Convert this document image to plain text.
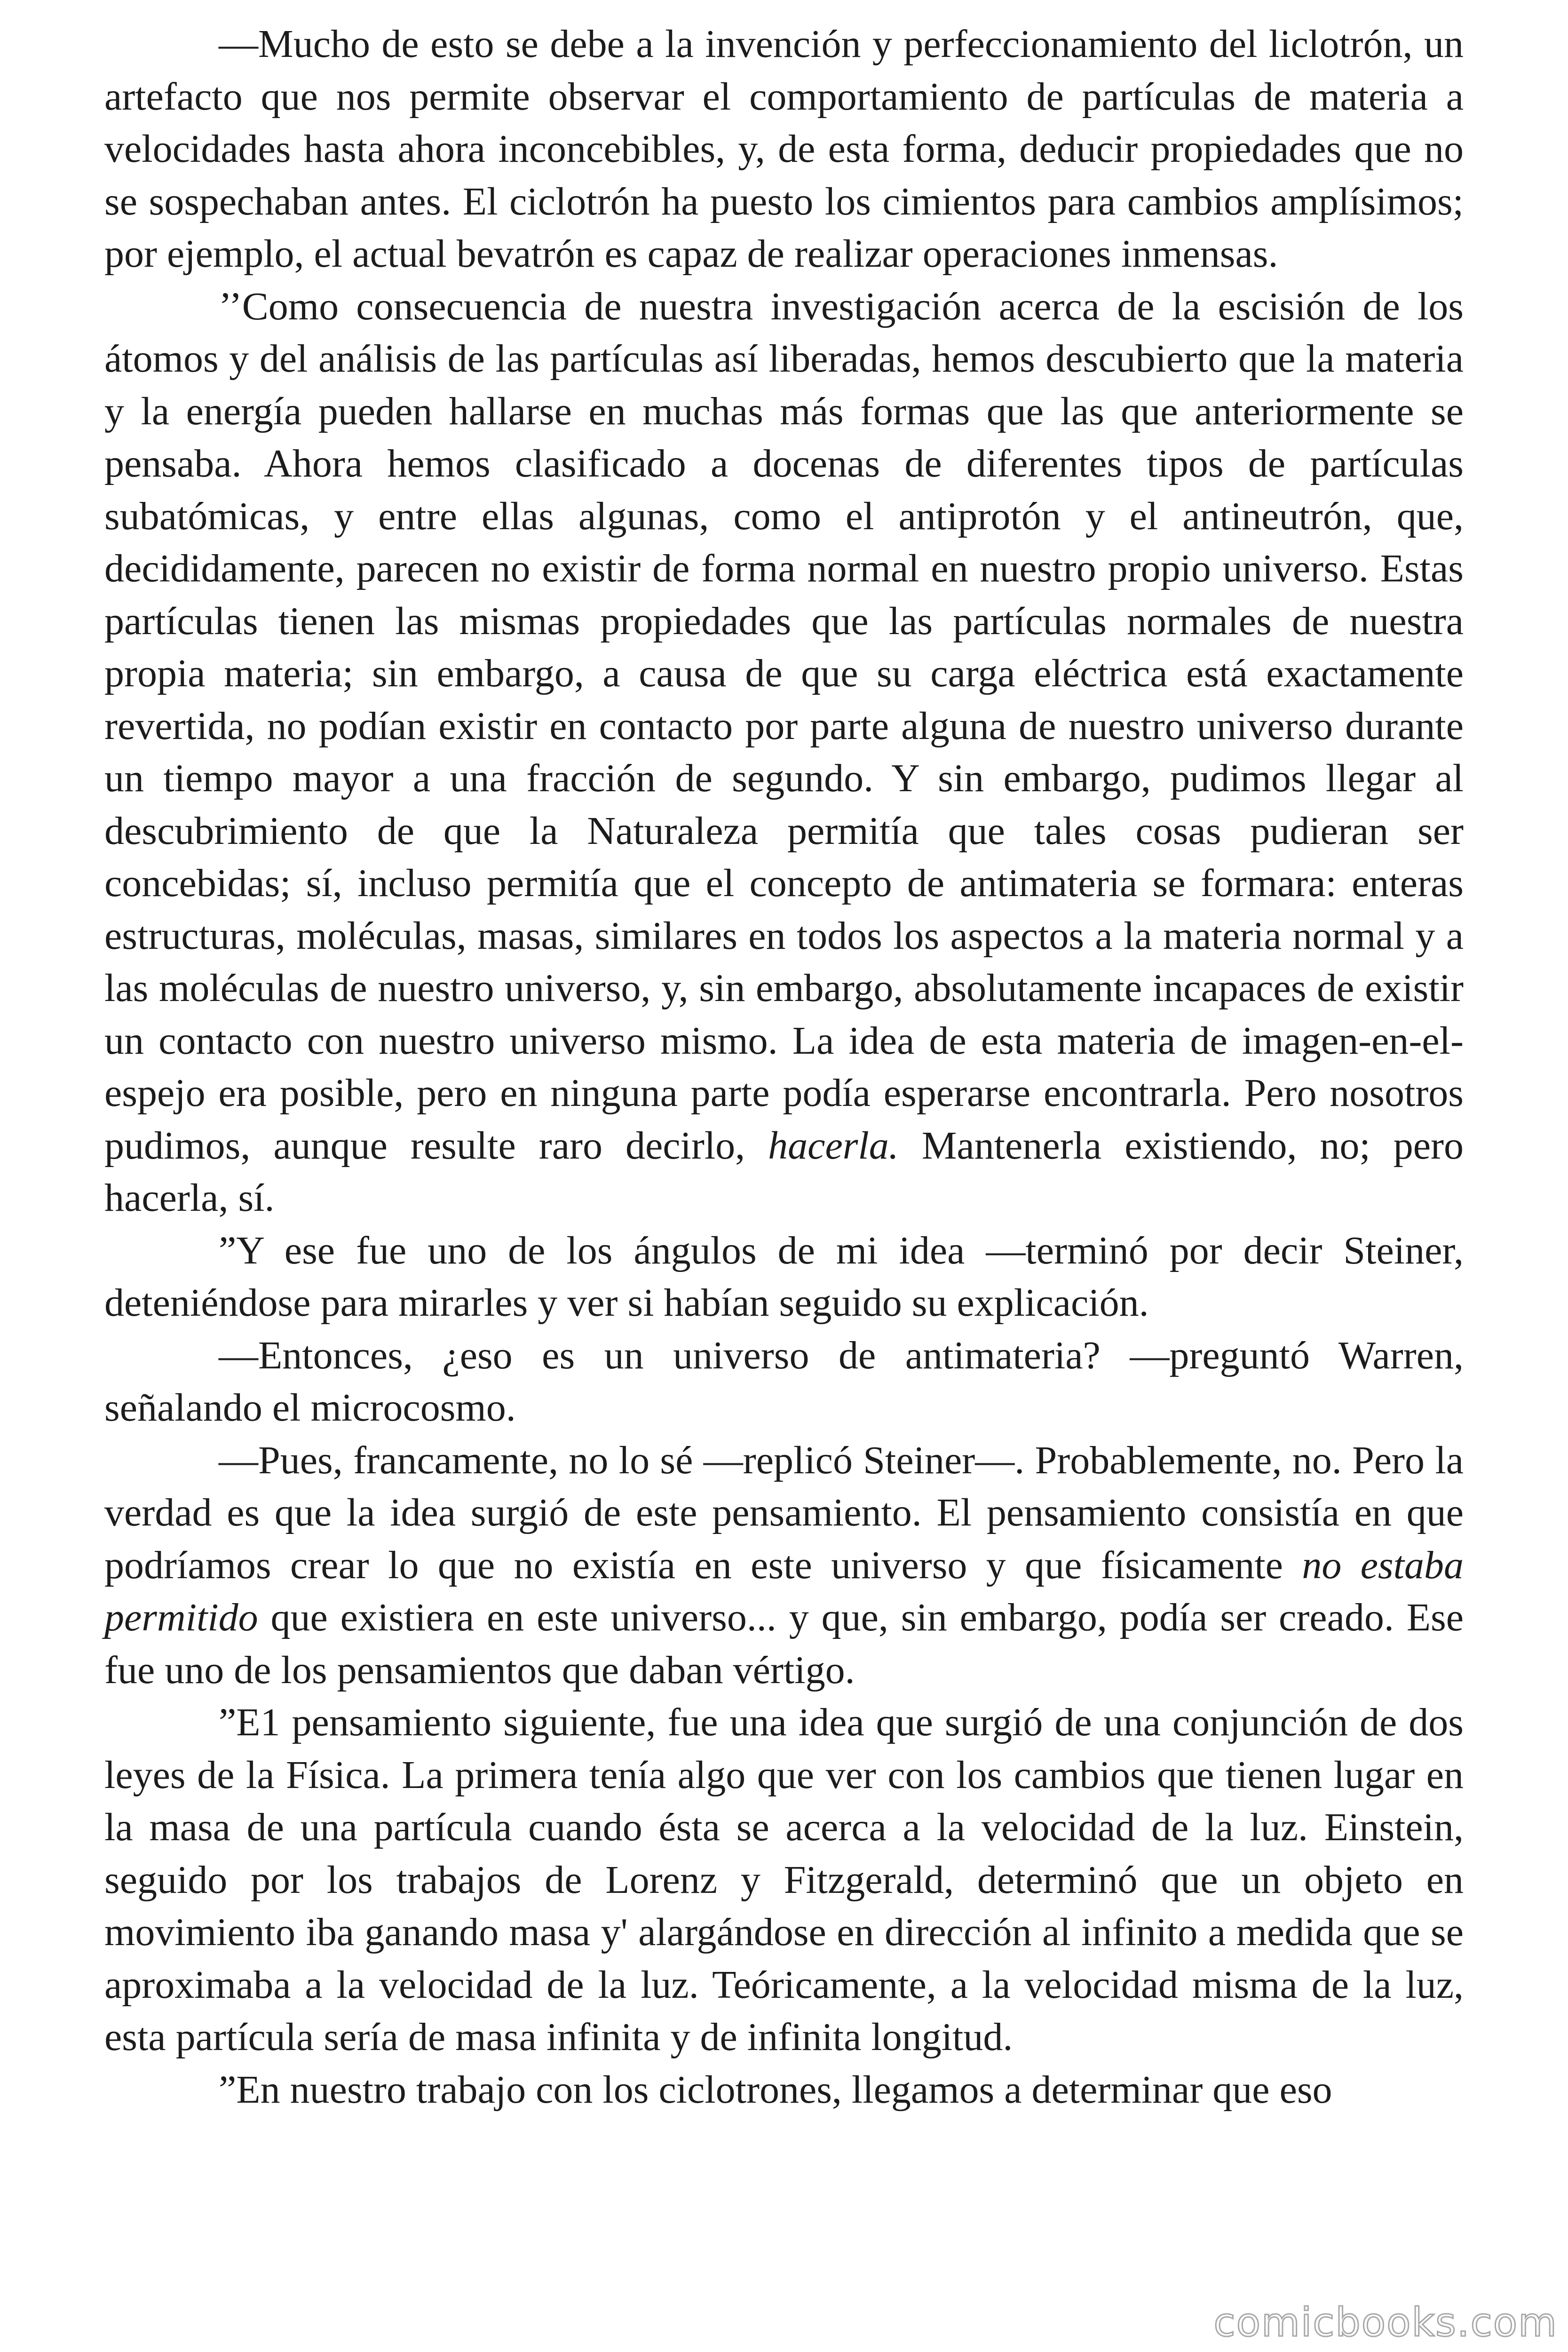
—Mucho de esto se debe a la invención y perfeccionamiento del liclotrón, un artefacto que nos permite observar el comportamiento de partículas de materia a velocidades hasta ahora inconcebibles, y, de esta forma, deducir propiedades que no se sospechaban antes. El ciclotrón ha puesto los cimientos para cambios amplísimos; por ejemplo, el actual bevatrón es capaz de realizar operaciones inmensas.

’’Como consecuencia de nuestra investigación acerca de la escisión de los átomos y del análisis de las partículas así liberadas, hemos descubierto que la materia y la energía pueden hallarse en muchas más formas que las que anteriormente se pensaba. Ahora hemos clasificado a docenas de diferentes tipos de partículas subatómicas, y entre ellas algunas, como el antiprotón y el antineutrón, que, decididamente, parecen no existir de forma normal en nuestro propio universo. Estas partículas tienen las mismas propiedades que las partículas normales de nuestra propia materia; sin embargo, a causa de que su carga eléctrica está exactamente revertida, no podían existir en contacto por parte alguna de nuestro universo durante un tiempo mayor a una fracción de segundo. Y sin embargo, pudimos llegar al descubrimiento de que la Naturaleza permitía que tales cosas pudieran ser concebidas; sí, incluso permitía que el concepto de antimateria se formara: enteras estructuras, moléculas, masas, similares en todos los aspectos a la materia normal y a las moléculas de nuestro universo, y, sin embargo, absolutamente incapaces de existir un contacto con nuestro universo mismo. La idea de esta materia de imagen-en-el-espejo era posible, pero en ninguna parte podía esperarse encontrarla. Pero nosotros pudimos, aunque resulte raro decirlo, hacerla. Mantenerla existiendo, no; pero hacerla, sí.

”Y ese fue uno de los ángulos de mi idea —terminó por decir Steiner, deteniéndose para mirarles y ver si habían seguido su explicación.

—Entonces, ¿eso es un universo de antimateria? —preguntó Warren, señalando el microcosmo.

—Pues, francamente, no lo sé —replicó Steiner—. Probablemente, no. Pero la verdad es que la idea surgió de este pensamiento. El pensamiento consistía en que podríamos crear lo que no existía en este universo y que físicamente no estaba permitido que existiera en este universo... y que, sin embargo, podía ser creado. Ese fue uno de los pensamientos que daban vértigo.

”E1 pensamiento siguiente, fue una idea que surgió de una conjunción de dos leyes de la Física. La primera tenía algo que ver con los cambios que tienen lugar en la masa de una partícula cuando ésta se acerca a la velocidad de la luz. Einstein, seguido por los trabajos de Lorenz y Fitzgerald, determinó que un objeto en movimiento iba ganando masa y' alargándose en dirección al infinito a medida que se aproximaba a la velocidad de la luz. Teóricamente, a la velocidad misma de la luz, esta partícula sería de masa infinita y de infinita longitud.

”En nuestro trabajo con los ciclotrones, llegamos a determinar que eso

comicbooks.com
